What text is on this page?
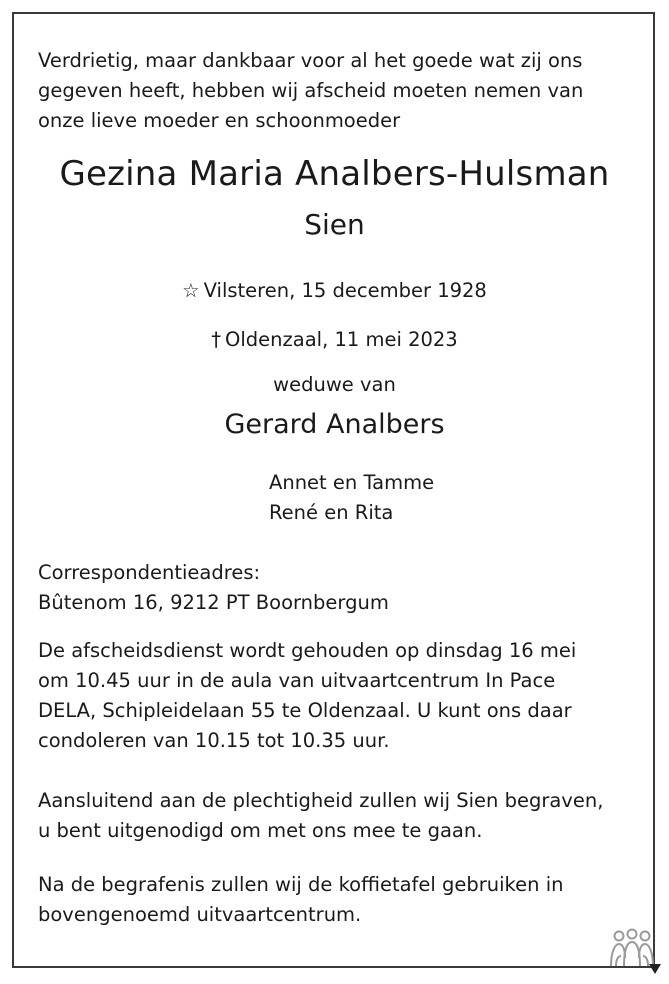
Verdrietig, maar dankbaar voor al het goede wat zij ons

gegeven heeft, hebben wij afscheid moeten nemen van

onze lieve moeder en schoonmoeder

Gezina Maria Analbers-Hulsman

Sien

☆ Vilsteren, 15 december 1928

† Oldenzaal, 11 mei 2023

weduwe van

Gerard Analbers

Annet en Tamme

René en Rita

Correspondentieadres:

Bûtenom 16, 9212 PT Boornbergum

De afscheidsdienst wordt gehouden op dinsdag 16 mei

om 10.45 uur in de aula van uitvaartcentrum In Pace

DELA, Schipleidelaan 55 te Oldenzaal. U kunt ons daar

condoleren van 10.15 tot 10.35 uur.

Aansluitend aan de plechtigheid zullen wij Sien begraven,

u bent uitgenodigd om met ons mee te gaan.

Na de begrafenis zullen wij de koffietafel gebruiken in

bovengenoemd uitvaartcentrum.
